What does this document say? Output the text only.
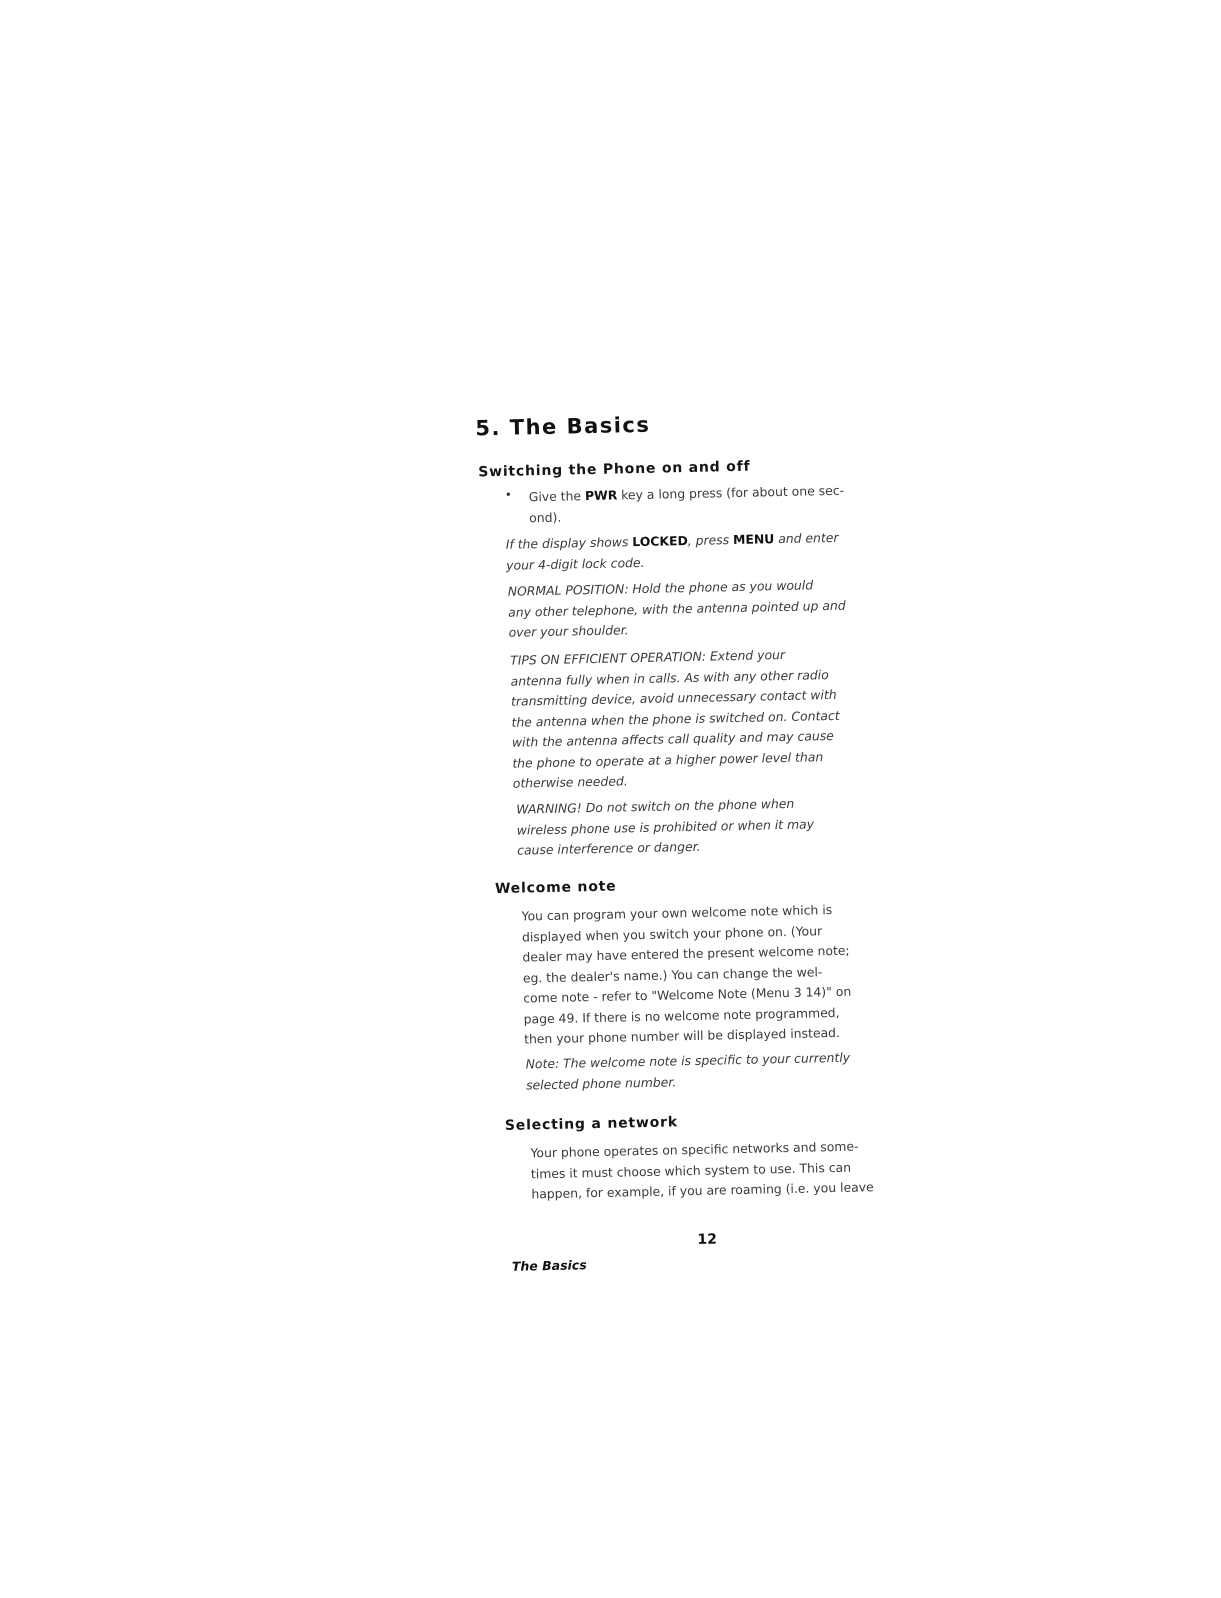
5. The Basics
Switching the Phone on and off
• Give the PWR key a long press (for about one sec-

ond).

If the display shows LOCKED, press MENU and enter

your 4-digit lock code.

NORMAL POSITION: Hold the phone as you would

any other telephone, with the antenna pointed up and

over your shoulder.

TIPS ON EFFICIENT OPERATION: Extend your

antenna fully when in calls. As with any other radio

transmitting device, avoid unnecessary contact with

the antenna when the phone is switched on. Contact

with the antenna affects call quality and may cause

the phone to operate at a higher power level than

otherwise needed.

WARNING! Do not switch on the phone when

wireless phone use is prohibited or when it may

cause interference or danger.

Welcome note

You can program your own welcome note which is

displayed when you switch your phone on. (Your

dealer may have entered the present welcome note;

eg. the dealer's name.) You can change the wel-

come note - refer to "Welcome Note (Menu 3 14)" on

page 49. If there is no welcome note programmed,

then your phone number will be displayed instead.

Note: The welcome note is specific to your currently

selected phone number.

Selecting a network

Your phone operates on specific networks and some-

times it must choose which system to use. This can

happen, for example, if you are roaming (i.e. you leave

12
The Basics
